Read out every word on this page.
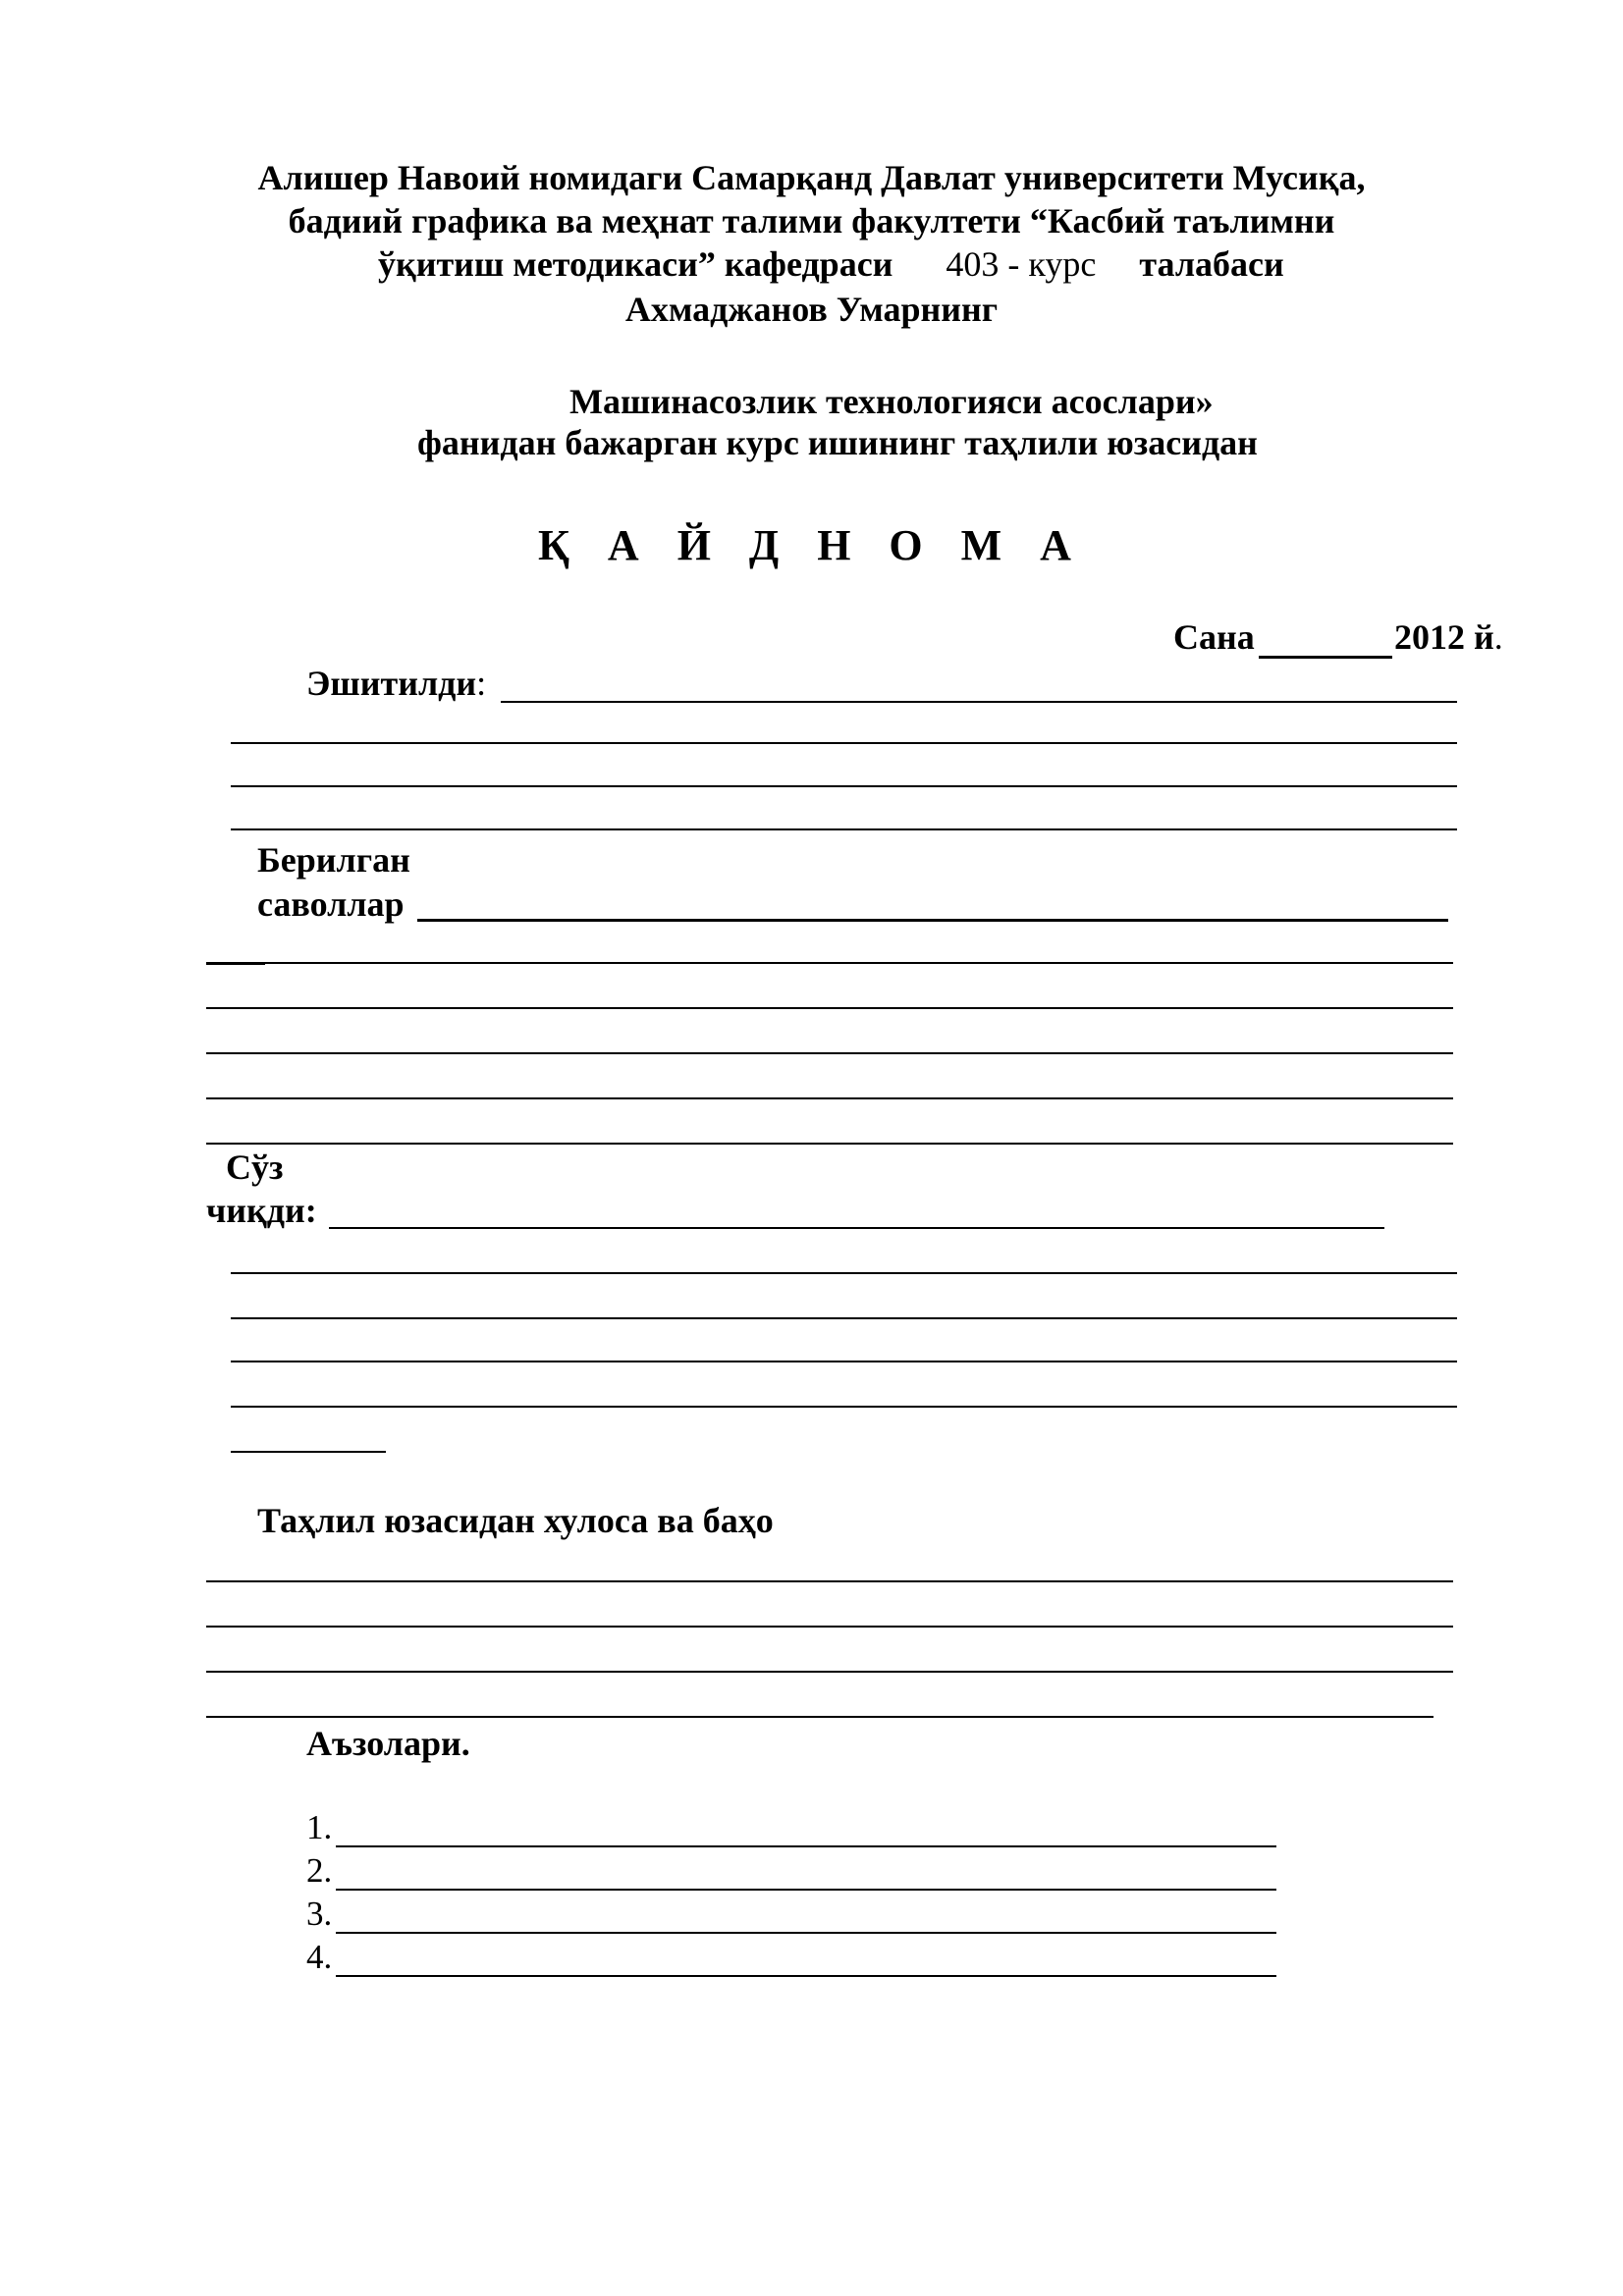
Алишер Навоий номидаги Самарқанд Давлат университети Мусиқа,
бадиий графика ва меҳнат талими факултети “Касбий таълимни
ўқитиш методикаси” кафедраси 403 - курс талабаси
Ахмаджанов Умарнинг
Машинасозлик технологияси асослари»
фанидан бажарган курс ишининг таҳлили юзасидан
Қ А Й Д Н О М А
Сана	2012 й.
Эшитилди:
Берилган
саволлар
Сўз
чиқди:
Таҳлил юзасидан хулоса ва баҳо
Аъзолари.
1.
2.
3.
4.
